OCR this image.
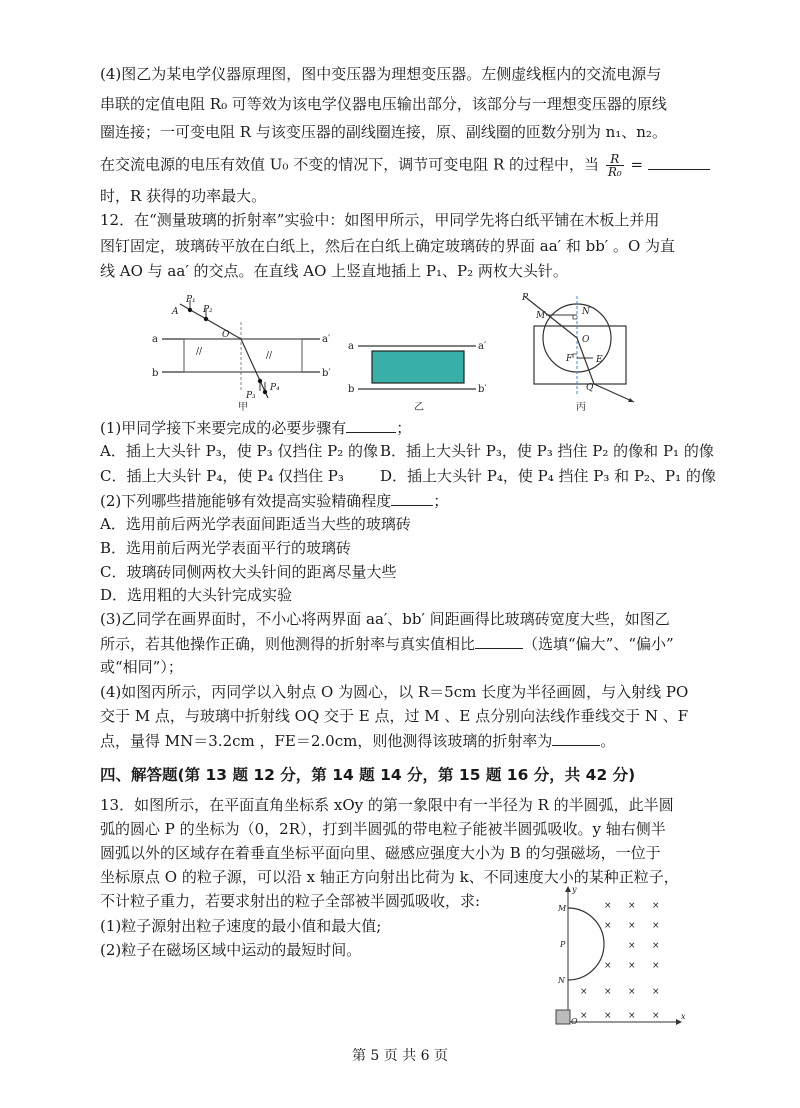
(4)图乙为某电学仪器原理图，图中变压器为理想变压器。左侧虚线框内的交流电源与
串联的定值电阻 R₀ 可等效为该电学仪器电压输出部分，该部分与一理想变压器的原线
圈连接；一可变电阻 R 与该变压器的副线圈连接，原、副线圈的匝数分别为 n₁、n₂。
在交流电源的电压有效值 U₀ 不变的情况下，调节可变电阻 R 的过程中，当 $\frac{R}{\text{R₀}}$ =
时，R 获得的功率最大。
12．在“测量玻璃的折射率”实验中：如图甲所示，甲同学先将白纸平铺在木板上并用
图钉固定，玻璃砖平放在白纸上，然后在白纸上确定玻璃砖的界面 aa′ 和 bb′ 。O 为直
线 AO 与 aa′ 的交点。在直线 AO 上竖直地插上 P₁、P₂ 两枚大头针。
//	//
a	a′
b	b′
A
P₁
P₂
O
P₃
P₄
甲
a	a′
b	b′
乙
P
M	N
O
F	E
Q
丙
(1)甲同学接下来要完成的必要步骤有	；
A．插上大头针 P₃，使 P₃ 仅挡住 P₂ 的像 B．插上大头针 P₃，使 P₃ 挡住 P₂ 的像和 P₁ 的像
C．插上大头针 P₄，使 P₄ 仅挡住 P₃ D．插上大头针 P₄，使 P₄ 挡住 P₃ 和 P₂、P₁ 的像
(2)下列哪些措施能够有效提高实验精确程度	；
A．选用前后两光学表面间距适当大些的玻璃砖
B．选用前后两光学表面平行的玻璃砖
C．玻璃砖同侧两枚大头针间的距离尽量大些
D．选用粗的大头针完成实验
(3)乙同学在画界面时，不小心将两界面 aa′、bb′ 间距画得比玻璃砖宽度大些，如图乙
所示，若其他操作正确，则他测得的折射率与真实值相比	（选填“偏大”、“偏小”
或“相同”）；
(4)如图丙所示，丙同学以入射点 O 为圆心，以 R＝5cm 长度为半径画圆，与入射线 PO
交于 M 点，与玻璃中折射线 OQ 交于 E 点，过 M 、E 点分别向法线作垂线交于 N 、F
点，量得 MN＝3.2cm ，FE＝2.0cm，则他测得该玻璃的折射率为	。
四、解答题(第 13 题 12 分，第 14 题 14 分，第 15 题 16 分，共 42 分)
13．如图所示，在平面直角坐标系 xOy 的第一象限中有一半径为 R 的半圆弧，此半圆
弧的圆心 P 的坐标为（0，2R），打到半圆弧的带电粒子能被半圆弧吸收。y 轴右侧半
圆弧以外的区域存在着垂直坐标平面向里、磁感应强度大小为 B 的匀强磁场，一位于
坐标原点 O 的粒子源，可以沿 x 轴正方向射出比荷为 k、不同速度大小的某种正粒子，
不计粒子重力，若要求射出的粒子全部被半圆弧吸收，求:
(1)粒子源射出粒子速度的最小值和最大值;
(2)粒子在磁场区域中运动的最短时间。
× × ×
× × ×
× ×
× × ×
× × × ×
× × × ×
y
x
M
P
N
O
第 5 页 共 6 页
